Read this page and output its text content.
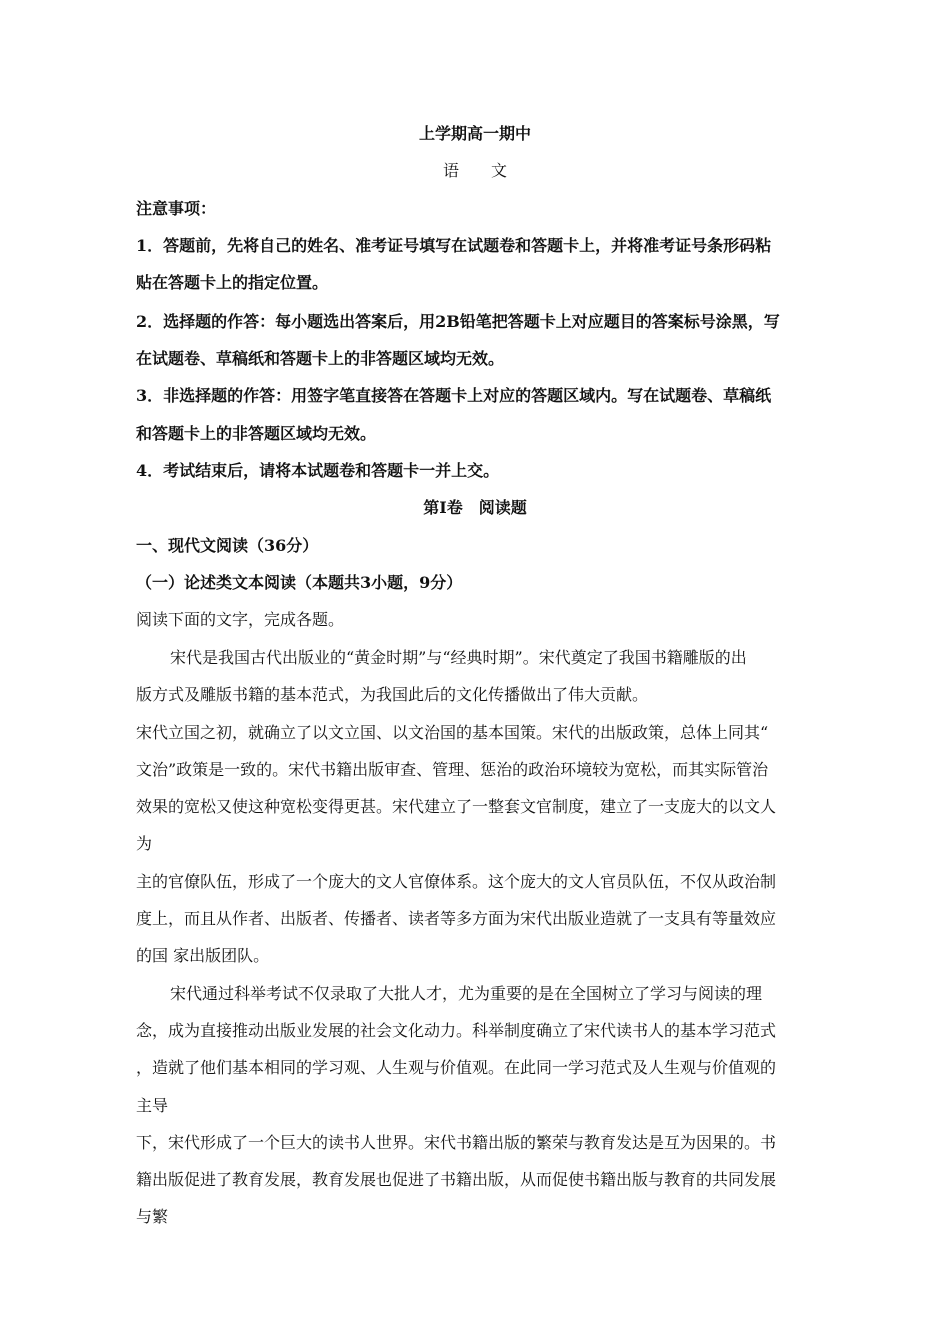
上学期高一期中
语　　文
注意事项：
1．答题前，先将自己的姓名、准考证号填写在试题卷和答题卡上，并将准考证号条形码粘
贴在答题卡上的指定位置。
2．选择题的作答：每小题选出答案后，用2B铅笔把答题卡上对应题目的答案标号涂黑，写
在试题卷、草稿纸和答题卡上的非答题区域均无效。
3．非选择题的作答：用签字笔直接答在答题卡上对应的答题区域内。写在试题卷、草稿纸
和答题卡上的非答题区域均无效。
4．考试结束后，请将本试题卷和答题卡一并上交。
第Ⅰ卷　阅读题
一、现代文阅读（36分）
（一）论述类文本阅读（本题共3小题，9分）
阅读下面的文字，完成各题。
宋代是我国古代出版业的“黄金时期”与“经典时期”。宋代奠定了我国书籍雕版的出
版方式及雕版书籍的基本范式，为我国此后的文化传播做出了伟大贡献。
宋代立国之初，就确立了以文立国、以文治国的基本国策。宋代的出版政策，总体上同其“
文治”政策是一致的。宋代书籍出版审查、管理、惩治的政治环境较为宽松，而其实际管治
效果的宽松又使这种宽松变得更甚。宋代建立了一整套文官制度，建立了一支庞大的以文人
为
主的官僚队伍，形成了一个庞大的文人官僚体系。这个庞大的文人官员队伍，不仅从政治制
度上，而且从作者、出版者、传播者、读者等多方面为宋代出版业造就了一支具有等量效应
的国 家出版团队。
宋代通过科举考试不仅录取了大批人才，尤为重要的是在全国树立了学习与阅读的理
念，成为直接推动出版业发展的社会文化动力。科举制度确立了宋代读书人的基本学习范式
，造就了他们基本相同的学习观、人生观与价值观。在此同一学习范式及人生观与价值观的
主导
下，宋代形成了一个巨大的读书人世界。宋代书籍出版的繁荣与教育发达是互为因果的。书
籍出版促进了教育发展，教育发展也促进了书籍出版，从而促使书籍出版与教育的共同发展
与繁
